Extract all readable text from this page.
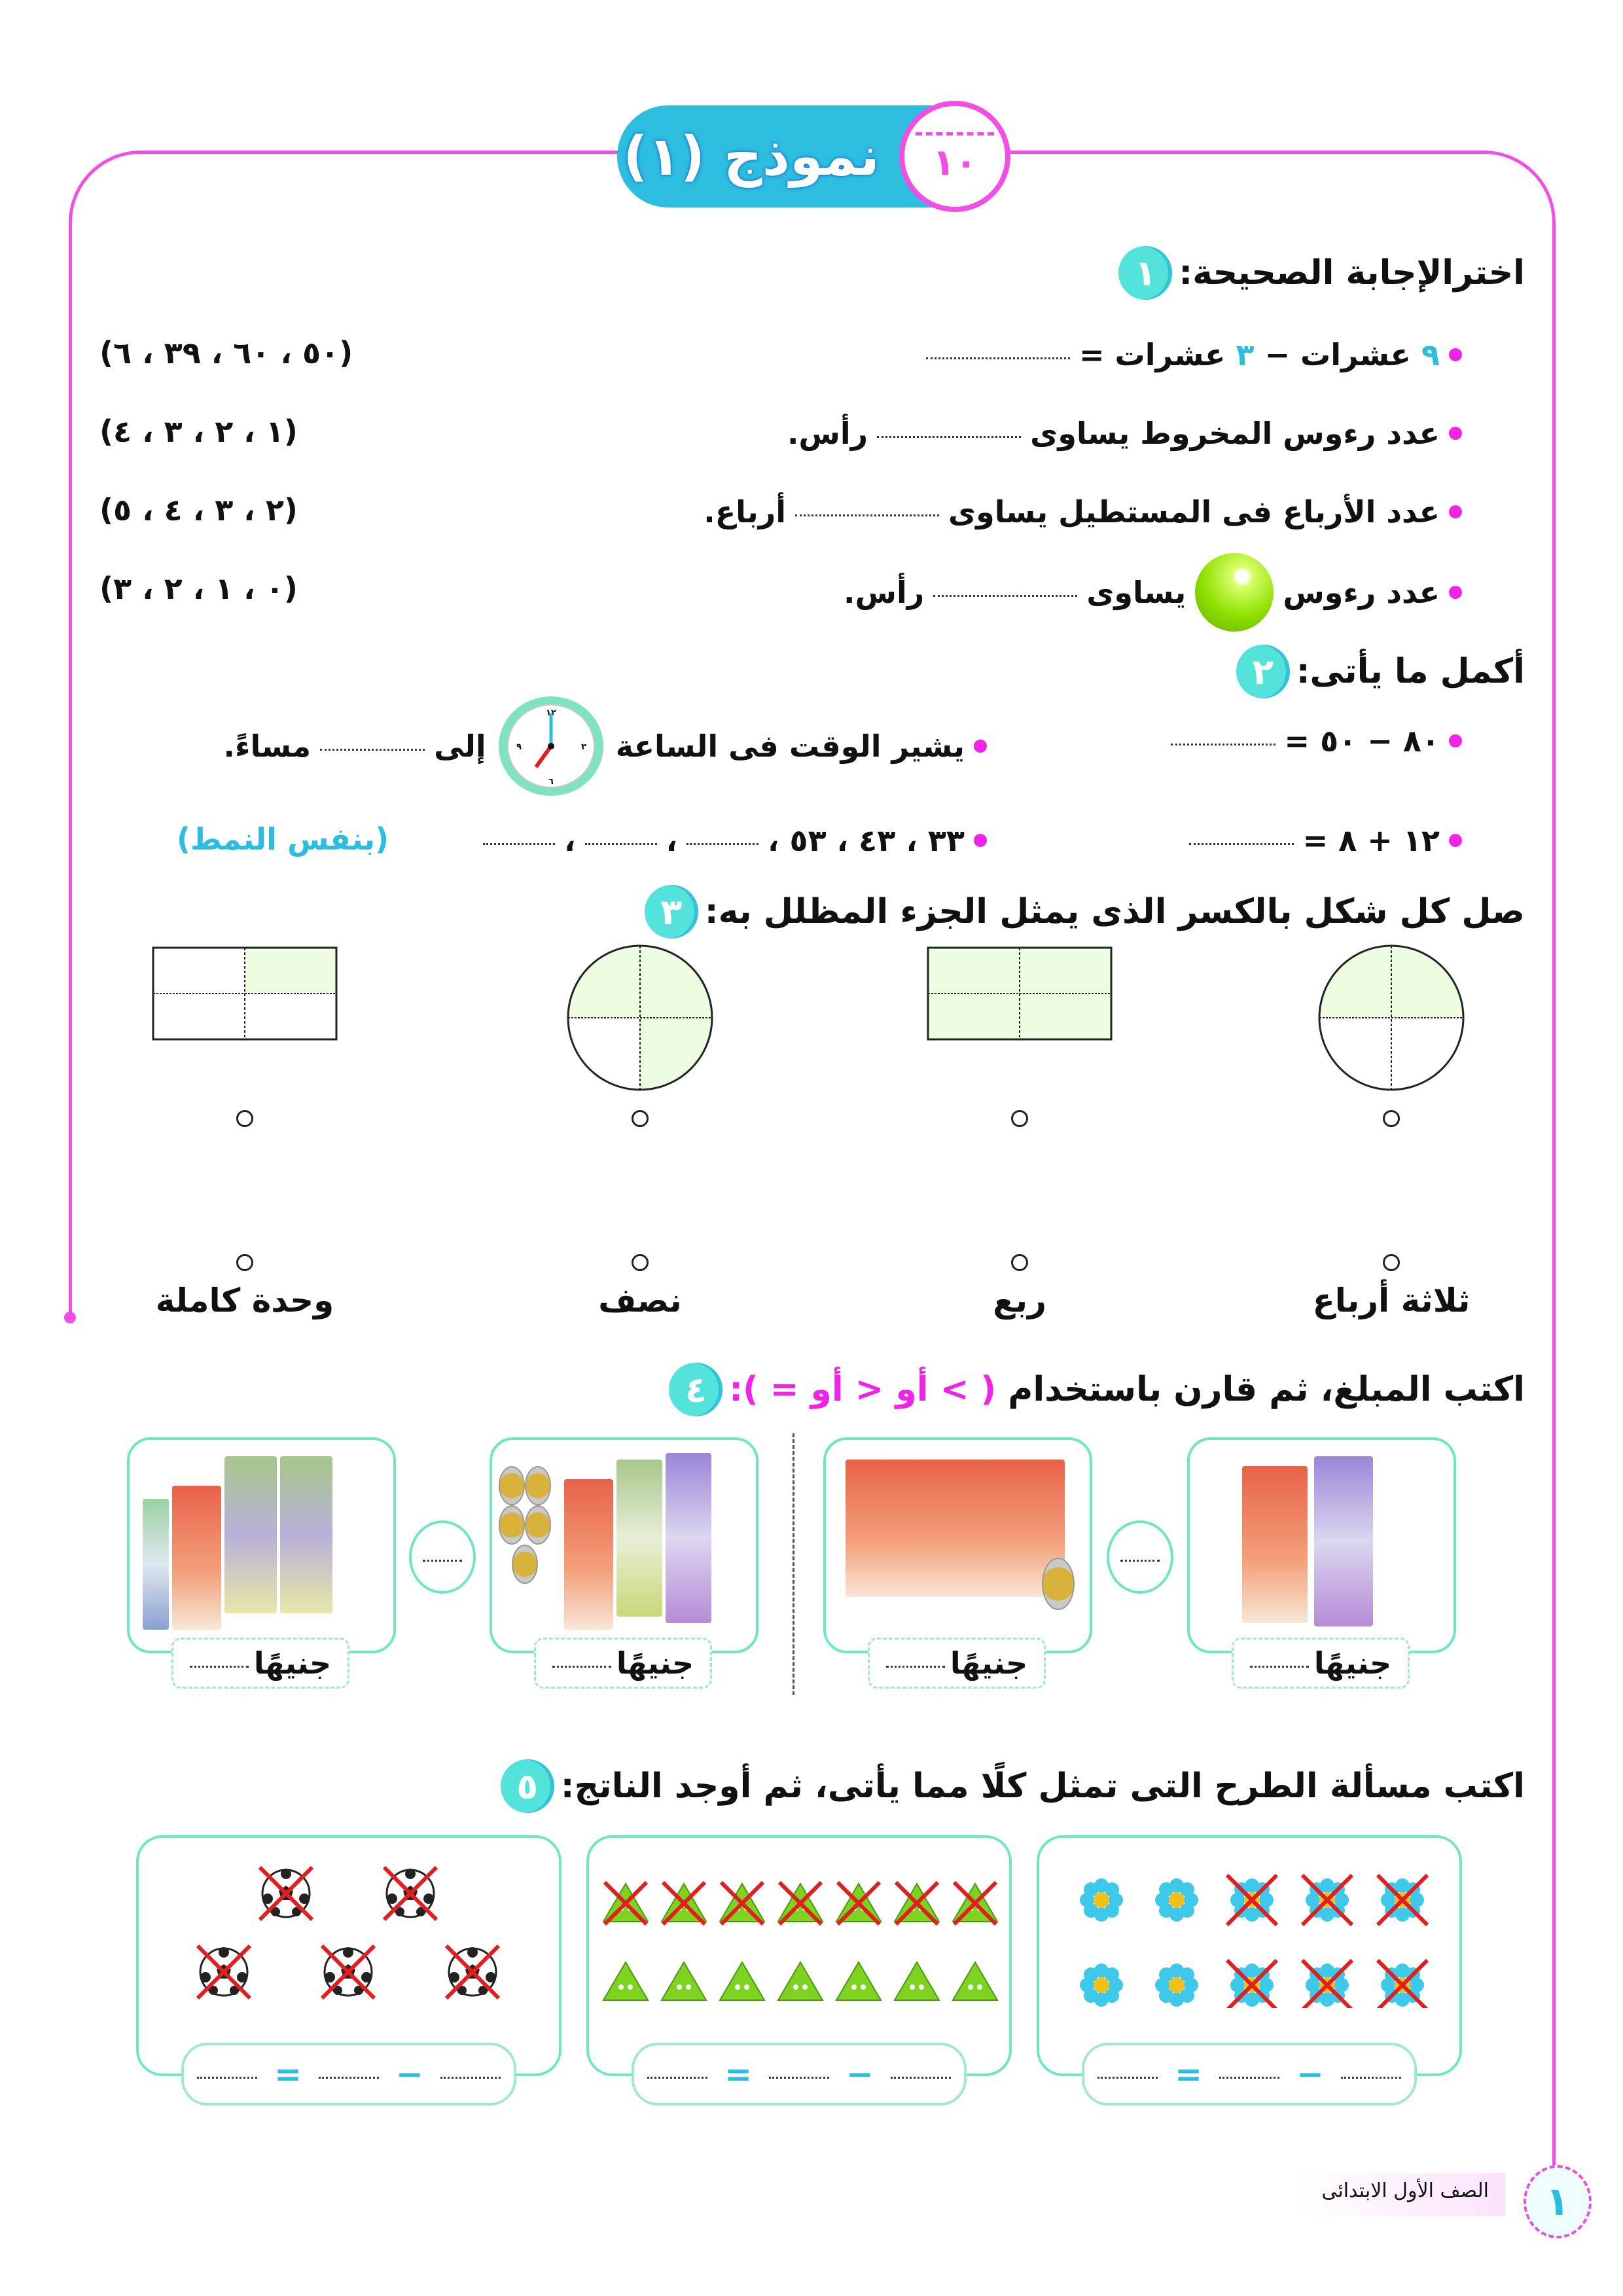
نموذج (١) ١٠
١ اخترالإجابة الصحيحة:
٩ عشرات − ٣ عشرات =
(٥٠ ، ٦٠ ، ٣٩ ، ٦)
عدد رءوس المخروط يساوى
رأس.
(١ ، ٢ ، ٣ ، ٤)
عدد الأرباع فى المستطيل يساوى
أرباع.
(٢ ، ٣ ، ٤ ، ٥)
عدد رءوس
يساوى
رأس.
(٠ ، ١ ، ٢ ، ٣)
٢ أكمل ما يأتى:
٨٠ − ٥٠ =
يشير الوقت فى الساعة
١٢
٣
٦
٩
إلى
مساءً.
١٢ + ٨ =
٣٣ ، ٤٣ ، ٥٣ ،
،
،
(بنفس النمط)
٣ صل كل شكل بالكسر الذى يمثل الجزء المظلل به:
ثلاثة أرباع
ربع
نصف
وحدة كاملة
٤	اكتب المبلغ، ثم قارن باستخدام ( > أو < أو = ):
جنيهًا
جنيهًا
جنيهًا
جنيهًا
٥ اكتب مسألة الطرح التى تمثل كلًا مما يأتى، ثم أوجد الناتج:
−
=
−
=
−
=
الصف الأول الابتدائى ١
